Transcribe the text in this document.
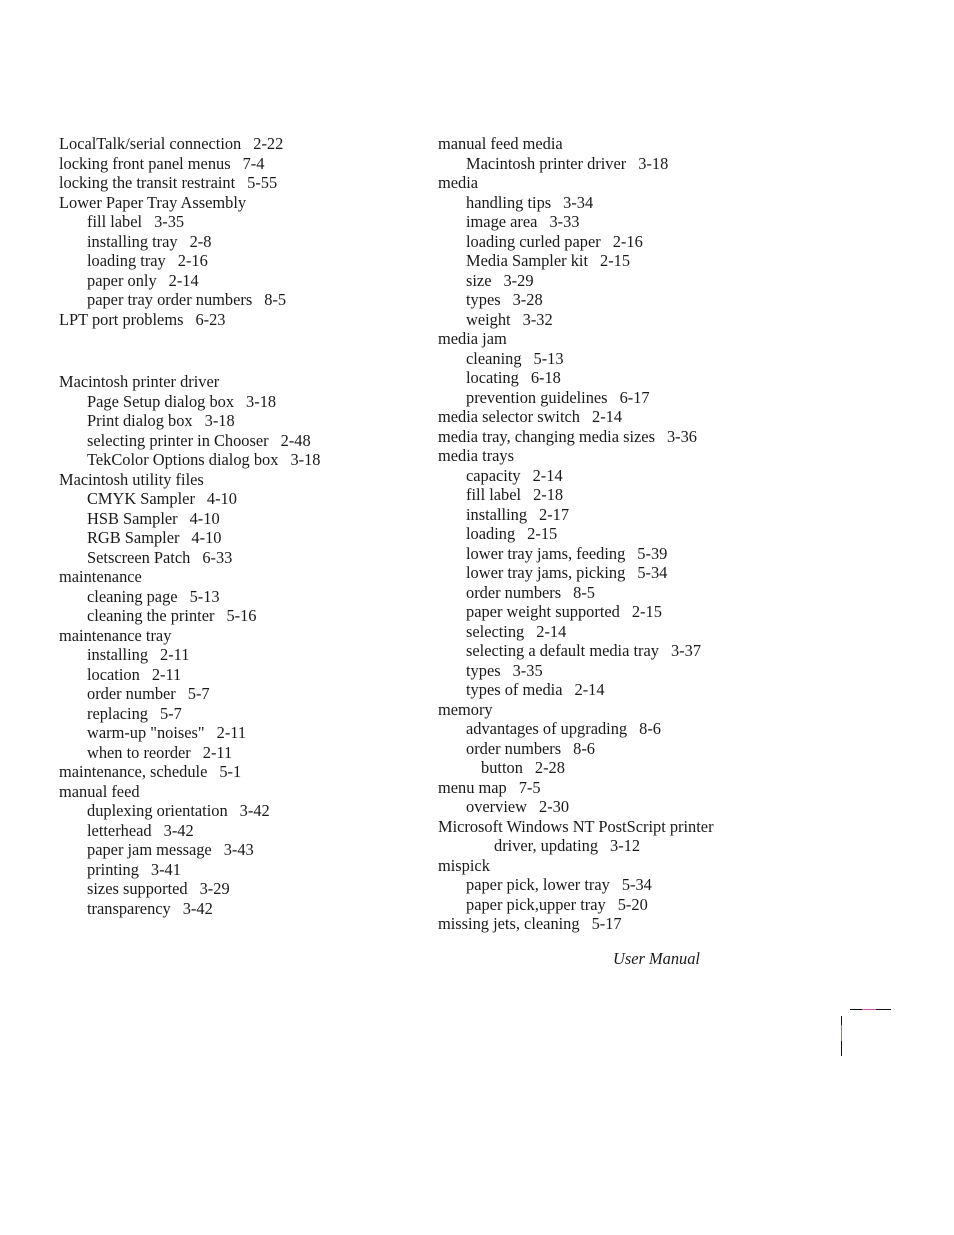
LocalTalk/serial connection 2-22
locking front panel menus 7-4
locking the transit restraint 5-55
Lower Paper Tray Assembly
fill label 3-35
installing tray 2-8
loading tray 2-16
paper only 2-14
paper tray order numbers 8-5
LPT port problems 6-23
Macintosh printer driver
Page Setup dialog box 3-18
Print dialog box 3-18
selecting printer in Chooser 2-48
TekColor Options dialog box 3-18
Macintosh utility files
CMYK Sampler 4-10
HSB Sampler 4-10
RGB Sampler 4-10
Setscreen Patch 6-33
maintenance
cleaning page 5-13
cleaning the printer 5-16
maintenance tray
installing 2-11
location 2-11
order number 5-7
replacing 5-7
warm-up "noises" 2-11
when to reorder 2-11
maintenance, schedule 5-1
manual feed
duplexing orientation 3-42
letterhead 3-42
paper jam message 3-43
printing 3-41
sizes supported 3-29
transparency 3-42
manual feed media
Macintosh printer driver 3-18
media
handling tips 3-34
image area 3-33
loading curled paper 2-16
Media Sampler kit 2-15
size 3-29
types 3-28
weight 3-32
media jam
cleaning 5-13
locating 6-18
prevention guidelines 6-17
media selector switch 2-14
media tray, changing media sizes 3-36
media trays
capacity 2-14
fill label 2-18
installing 2-17
loading 2-15
lower tray jams, feeding 5-39
lower tray jams, picking 5-34
order numbers 8-5
paper weight supported 2-15
selecting 2-14
selecting a default media tray 3-37
types 3-35
types of media 2-14
memory
advantages of upgrading 8-6
order numbers 8-6
button 2-28
menu map 7-5
overview 2-30
Microsoft Windows NT PostScript printer
driver, updating 3-12
mispick
paper pick, lower tray 5-34
paper pick,upper tray 5-20
missing jets, cleaning 5-17
User Manual
